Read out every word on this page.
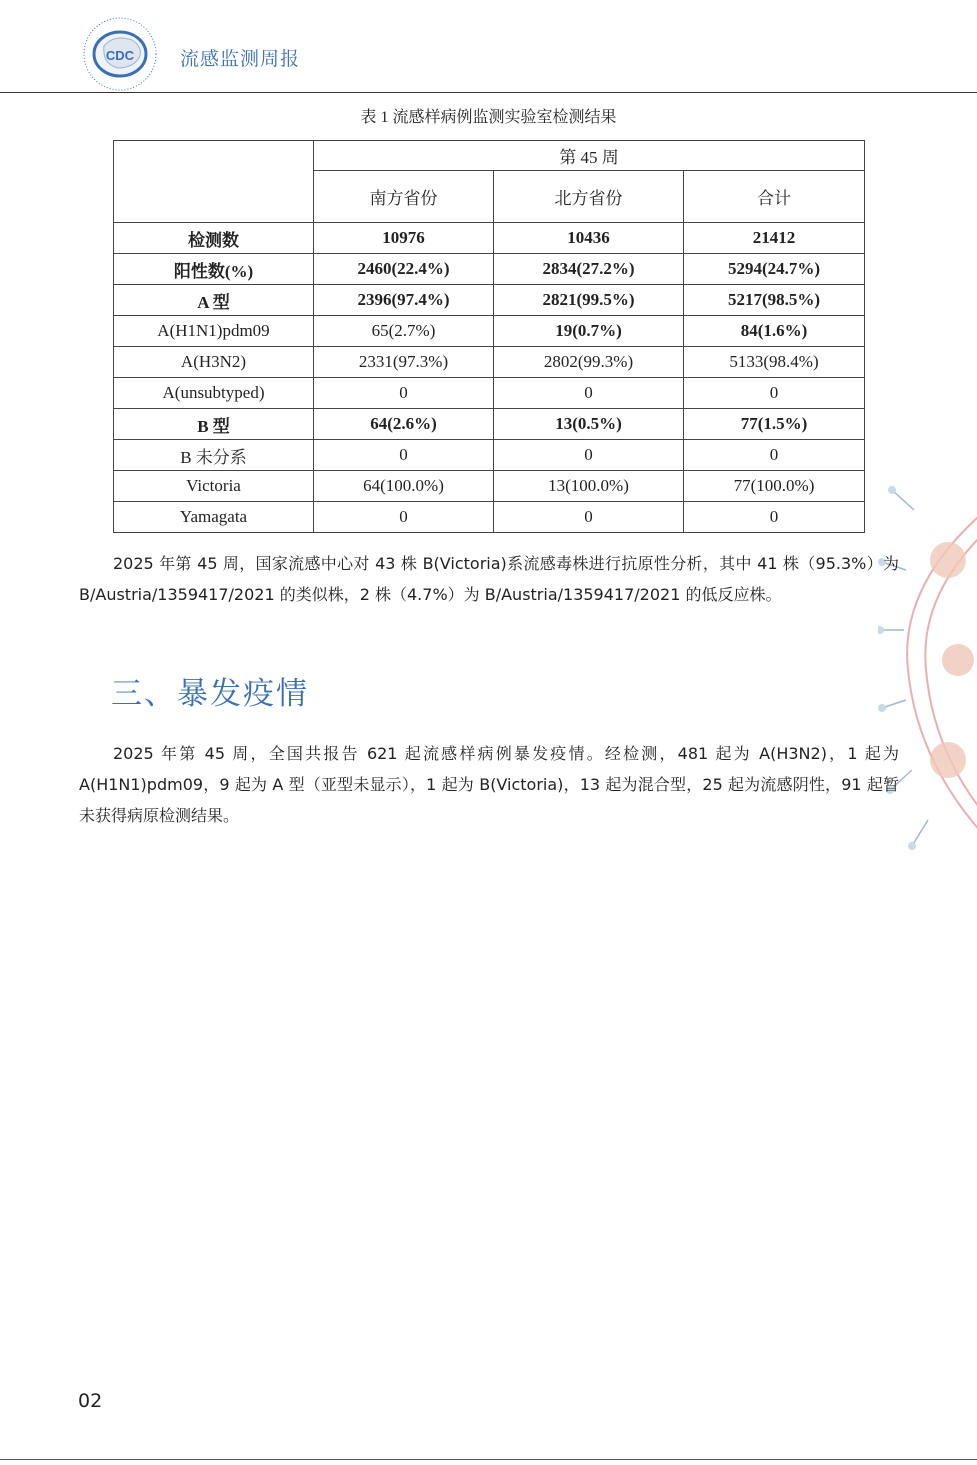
CDC 流感监测周报
表 1 流感样病例监测实验室检测结果
	第 45 周		
	南方省份	北方省份	合计
检测数	10976	10436	21412
阳性数(%)	2460(22.4%)	2834(27.2%)	5294(24.7%)
A 型	2396(97.4%)	2821(99.5%)	5217(98.5%)
A(H1N1)pdm09	65(2.7%)	19(0.7%)	84(1.6%)
A(H3N2)	2331(97.3%)	2802(99.3%)	5133(98.4%)
A(unsubtyped)	0	0	0
B 型	64(2.6%)	13(0.5%)	77(1.5%)
B 未分系	0	0	0
Victoria	64(100.0%)	13(100.0%)	77(100.0%)
Yamagata	0	0	0
2025 年第 45 周，国家流感中心对 43 株 B(Victoria)系流感毒株进行抗原性分析，其中 41 株（95.3%）为 B/Austria/1359417/2021 的类似株，2 株（4.7%）为 B/Austria/1359417/2021 的低反应株。
三、暴发疫情
2025 年第 45 周，全国共报告 621 起流感样病例暴发疫情。经检测，481 起为 A(H3N2)，1 起为 A(H1N1)pdm09，9 起为 A 型（亚型未显示），1 起为 B(Victoria)，13 起为混合型，25 起为流感阴性，91 起暂未获得病原检测结果。
02
